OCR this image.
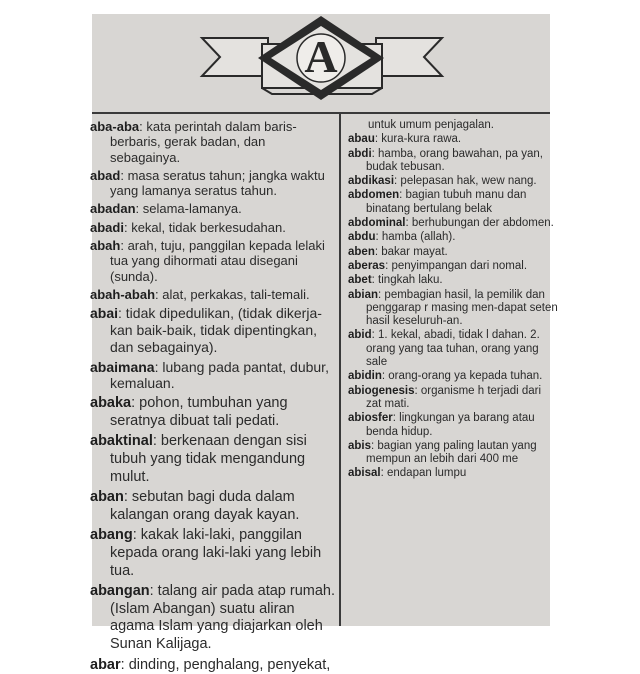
A
aba-aba: kata perintah dalam baris-berbaris, gerak badan, dan sebagainya.
abad: masa seratus tahun; jangka waktu yang lamanya seratus tahun.
abadan: selama-lamanya.
abadi: kekal, tidak berkesudahan.
abah: arah, tuju, panggilan kepada lelaki tua yang dihormati atau disegani (sunda).
abah-abah: alat, perkakas, tali-temali.
abai: tidak dipedulikan, (tidak dikerja-kan baik-baik, tidak dipentingkan, dan sebagainya).
abaimana: lubang pada pantat, dubur, kemaluan.
abaka: pohon, tumbuhan yang seratnya dibuat tali pedati.
abaktinal: berkenaan dengan sisi tubuh yang tidak mengandung mulut.
aban: sebutan bagi duda dalam kalangan orang dayak kayan.
abang: kakak laki-laki, panggilan kepada orang laki-laki yang lebih tua.
abangan: talang air pada atap rumah. (Islam Abangan) suatu aliran agama Islam yang diajarkan oleh Sunan Kalijaga.
abar: dinding, penghalang, penyekat,
untuk umum penjagalan.
abau: kura-kura rawa.
abdi: hamba, orang bawahan, pa yan, budak tebusan.
abdikasi: pelepasan hak, wew nang.
abdomen: bagian tubuh manu dan binatang bertulang belak
abdominal: berhubungan der abdomen.
abdu: hamba (allah).
aben: bakar mayat.
aberas: penyimpangan dari nomal.
abet: tingkah laku.
abian: pembagian hasil, la pemilik dan penggarap r masing men-dapat seten hasil keseluruh-an.
abid: 1. kekal, abadi, tidak l dahan. 2. orang yang taa tuhan, orang yang sale
abidin: orang-orang ya kepada tuhan.
abiogenesis: organisme h terjadi dari zat mati.
abiosfer: lingkungan ya barang atau benda hidup.
abis: bagian yang paling lautan yang mempun an lebih dari 400 me
abisal: endapan lumpu
